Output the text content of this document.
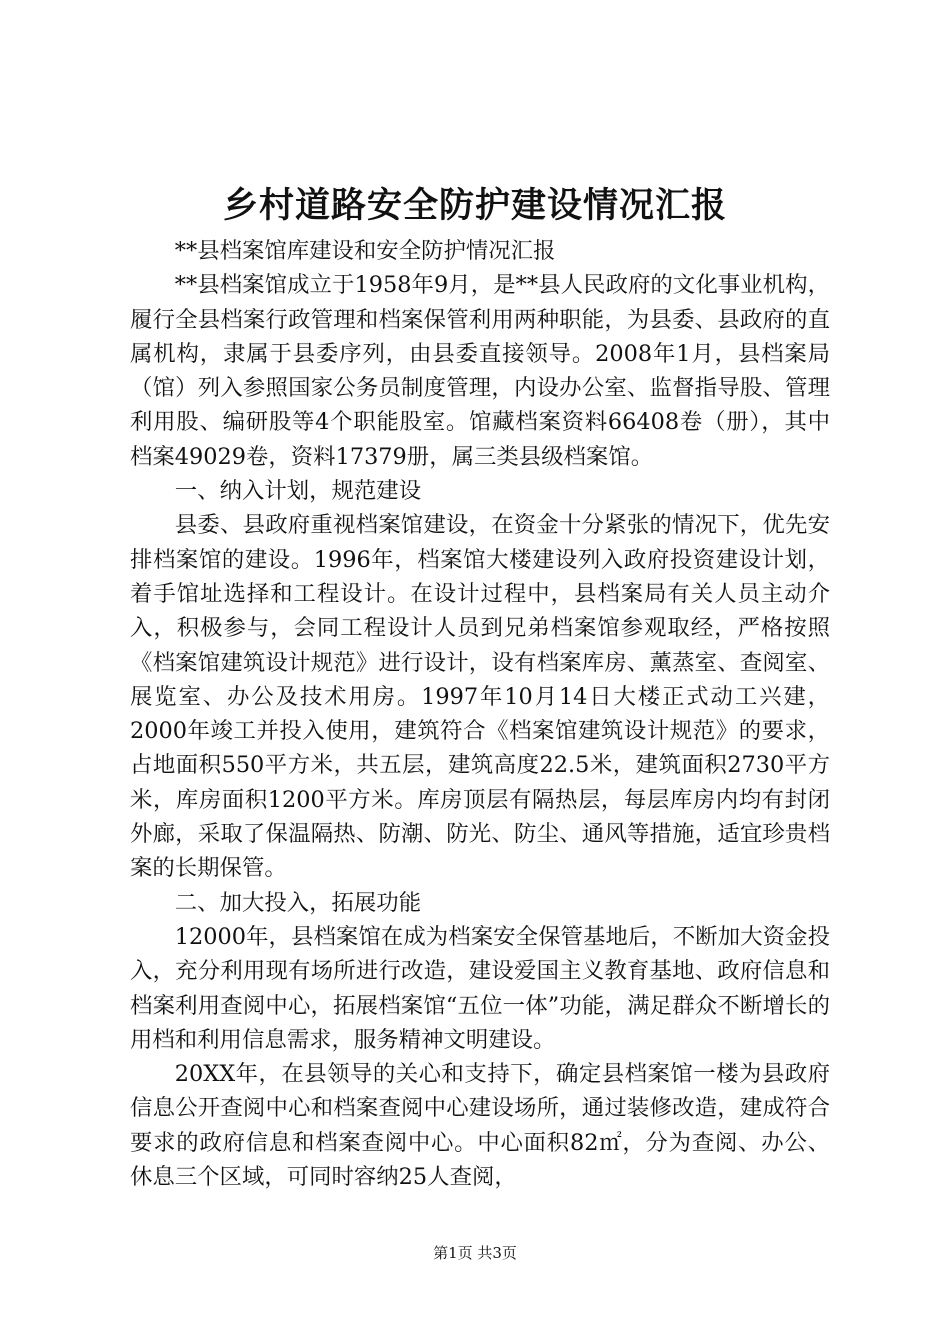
乡村道路安全防护建设情况汇报

**县档案馆库建设和安全防护情况汇报

**县档案馆成立于1958年9月，是**县人民政府的文化事业机构，履行全县档案行政管理和档案保管利用两种职能，为县委、县政府的直属机构，隶属于县委序列，由县委直接领导。2008年1月，县档案局（馆）列入参照国家公务员制度管理，内设办公室、监督指导股、管理利用股、编研股等4个职能股室。馆藏档案资料66408卷（册），其中档案49029卷，资料17379册，属三类县级档案馆。

一、纳入计划，规范建设

县委、县政府重视档案馆建设，在资金十分紧张的情况下，优先安排档案馆的建设。1996年，档案馆大楼建设列入政府投资建设计划，着手馆址选择和工程设计。在设计过程中，县档案局有关人员主动介入，积极参与，会同工程设计人员到兄弟档案馆参观取经，严格按照《档案馆建筑设计规范》进行设计，设有档案库房、薰蒸室、查阅室、展览室、办公及技术用房。1997年10月14日大楼正式动工兴建，2000年竣工并投入使用，建筑符合《档案馆建筑设计规范》的要求，占地面积550平方米，共五层，建筑高度22.5米，建筑面积2730平方米，库房面积1200平方米。库房顶层有隔热层，每层库房内均有封闭外廊，采取了保温隔热、防潮、防光、防尘、通风等措施，适宜珍贵档案的长期保管。

二、加大投入，拓展功能

12000年，县档案馆在成为档案安全保管基地后，不断加大资金投入，充分利用现有场所进行改造，建设爱国主义教育基地、政府信息和档案利用查阅中心，拓展档案馆“五位一体”功能，满足群众不断增长的用档和利用信息需求，服务精神文明建设。

20XX年，在县领导的关心和支持下，确定县档案馆一楼为县政府信息公开查阅中心和档案查阅中心建设场所，通过装修改造，建成符合要求的政府信息和档案查阅中心。中心面积82㎡，分为查阅、办公、休息三个区域，可同时容纳25人查阅，

第1页 共3页
